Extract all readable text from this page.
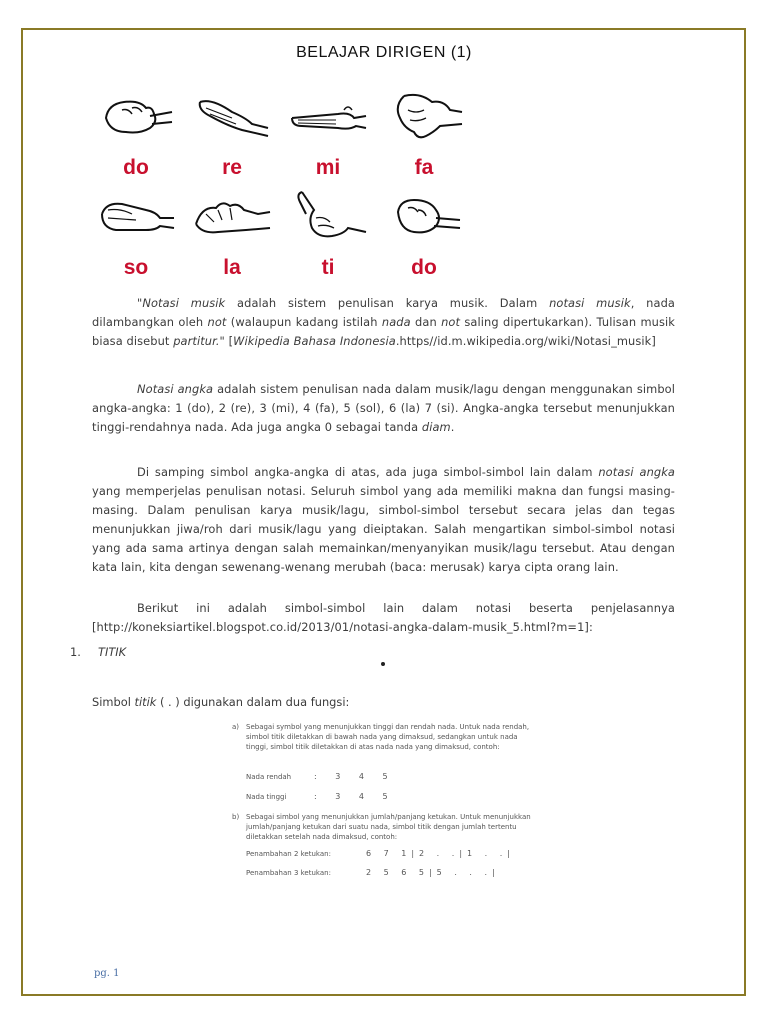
BELAJAR DIRIGEN (1)
do	re	mi	fa
so	la	ti	do

"Notasi musik adalah sistem penulisan karya musik. Dalam notasi musik, nada dilambangkan oleh not (walaupun kadang istilah nada dan not saling dipertukarkan). Tulisan musik biasa disebut partitur." [Wikipedia Bahasa Indonesia.https//id.m.wikipedia.org/wiki/Notasi_musik]

Notasi angka adalah sistem penulisan nada dalam musik/lagu dengan menggunakan simbol angka-angka: 1 (do), 2 (re), 3 (mi), 4 (fa), 5 (sol), 6 (la) 7 (si). Angka-angka tersebut menunjukkan tinggi-rendahnya nada. Ada juga angka 0 sebagai tanda diam.

Di samping simbol angka-angka di atas, ada juga simbol-simbol lain dalam notasi angka yang memperjelas penulisan notasi. Seluruh simbol yang ada memiliki makna dan fungsi masing-masing. Dalam penulisan karya musik/lagu, simbol-simbol tersebut secara jelas dan tegas menunjukkan jiwa/roh dari musik/lagu yang dieiptakan. Salah mengartikan simbol-simbol notasi yang ada sama artinya dengan salah memainkan/menyanyikan musik/lagu tersebut. Atau dengan kata lain, kita dengan sewenang-wenang merubah (baca: merusak) karya cipta orang lain.

Berikut ini adalah simbol-simbol lain dalam notasi beserta penjelasannya [http://koneksiartikel.blogspot.co.id/2013/01/notasi-angka-dalam-musik_5.html?m=1]:

1. TITIK
Simbol titik ( . ) digunakan dalam dua fungsi:
a) Sebagai symbol yang menunjukkan tinggi dan rendah nada. Untuk nada rendah, simbol titik diletakkan di bawah nada yang dimaksud, sedangkan untuk nada tinggi, simbol titik diletakkan di atas nada nada yang dimaksud, contoh:
Nada rendah	: 3 4 5
Nada tinggi	: 3 4 5
b) Sebagai simbol yang menunjukkan jumlah/panjang ketukan. Untuk menunjukkan jumlah/panjang ketukan dari suatu nada, simbol titik dengan jumlah tertentu diletakkan setelah nada dimaksud, contoh:
Penambahan 2 ketukan:	6 7 1|2 . .|1 . .|
Penambahan 3 ketukan:	2 5 6 5|5 . . .|
pg. 1
